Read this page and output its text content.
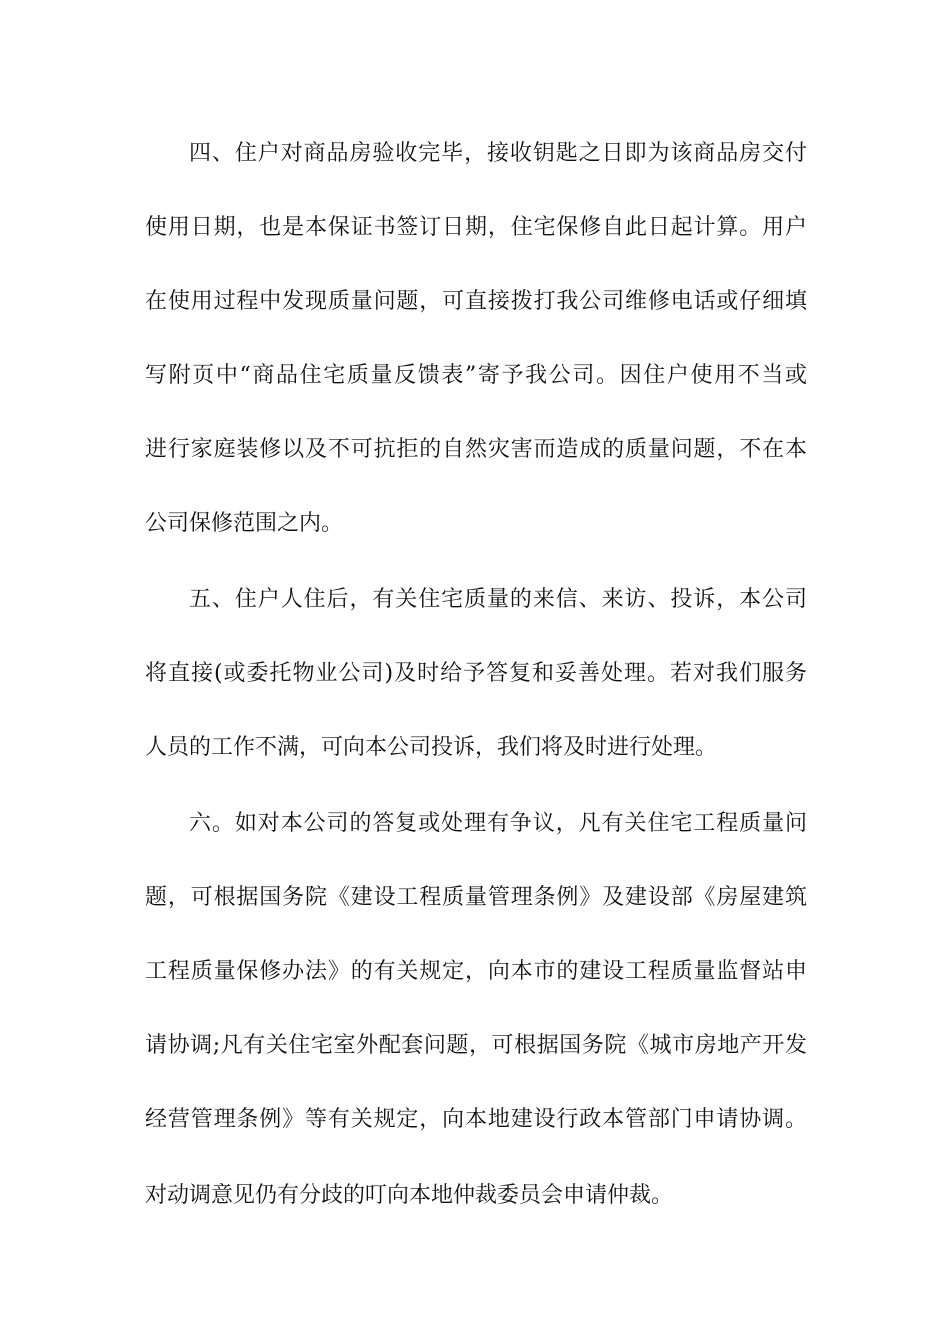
四、住户对商品房验收完毕，接收钥匙之日即为该商品房交付
使用日期，也是本保证书签订日期，住宅保修自此日起计算。用户
在使用过程中发现质量问题，可直接拨打我公司维修电话或仔细填
写附页中“商品住宅质量反馈表”寄予我公司。因住户使用不当或
进行家庭装修以及不可抗拒的自然灾害而造成的质量问题，不在本
公司保修范围之内。
五、住户人住后，有关住宅质量的来信、来访、投诉，本公司
将直接(或委托物业公司)及时给予答复和妥善处理。若对我们服务
人员的工作不满，可向本公司投诉，我们将及时进行处理。
六。如对本公司的答复或处理有争议，凡有关住宅工程质量问
题，可根据国务院《建设工程质量管理条例》及建设部《房屋建筑
工程质量保修办法》的有关规定，向本市的建设工程质量监督站申
请协调;凡有关住宅室外配套问题，可根据国务院《城市房地产开发
经营管理条例》等有关规定，向本地建设行政本管部门申请协调。
对动调意见仍有分歧的叮向本地仲裁委员会申请仲裁。
